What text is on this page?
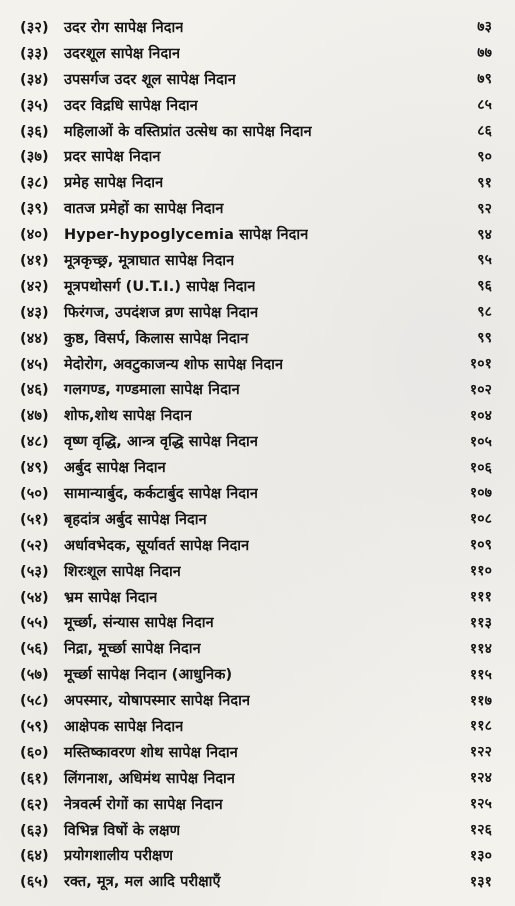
(३२)	उदर रोग सापेक्ष निदान	७३
(३३)	उदरशूल सापेक्ष निदान	७७
(३४)	उपसर्गज उदर शूल सापेक्ष निदान	७९
(३५)	उदर विद्रधि सापेक्ष निदान	८५
(३६)	महिलाओं के वस्तिप्रांत उत्सेध का सापेक्ष निदान	८६
(३७)	प्रदर सापेक्ष निदान	९०
(३८)	प्रमेह सापेक्ष निदान	९१
(३९)	वातज प्रमेहों का सापेक्ष निदान	९२
(४०)	Hyper-hypoglycemia सापेक्ष निदान	९४
(४१)	मूत्रकृच्छ्र, मूत्राघात सापेक्ष निदान	९५
(४२)	मूत्रपथोसर्ग (U.T.I.) सापेक्ष निदान	९६
(४३)	फिरंगज, उपदंशज व्रण सापेक्ष निदान	९८
(४४)	कुष्ठ, विसर्प, किलास सापेक्ष निदान	९९
(४५)	मेदोरोग, अवटुकाजन्य शोफ सापेक्ष निदान	१०१
(४६)	गलगण्ड, गण्डमाला सापेक्ष निदान	१०२
(४७)	शोफ,शोथ सापेक्ष निदान	१०४
(४८)	वृष्ण वृद्धि, आन्त्र वृद्धि सापेक्ष निदान	१०५
(४९)	अर्बुद सापेक्ष निदान	१०६
(५०)	सामान्यार्बुद, कर्कटार्बुद सापेक्ष निदान	१०७
(५१)	बृहदांत्र अर्बुद सापेक्ष निदान	१०८
(५२)	अर्धावभेदक, सूर्यावर्त सापेक्ष निदान	१०९
(५३)	शिरःशूल सापेक्ष निदान	११०
(५४)	भ्रम सापेक्ष निदान	१११
(५५)	मूर्च्छा, संन्यास सापेक्ष निदान	११३
(५६)	निद्रा, मूर्च्छा सापेक्ष निदान	११४
(५७)	मूर्च्छा सापेक्ष निदान (आधुनिक)	११५
(५८)	अपस्मार, योषापस्मार सापेक्ष निदान	११७
(५९)	आक्षेपक सापेक्ष निदान	११८
(६०)	मस्तिष्कावरण शोथ सापेक्ष निदान	१२२
(६१)	लिंगनाश, अधिमंथ सापेक्ष निदान	१२४
(६२)	नेत्रवर्त्म रोगों का सापेक्ष निदान	१२५
(६३)	विभिन्न विषों के लक्षण	१२६
(६४)	प्रयोगशालीय परीक्षण	१३०
(६५)	रक्त, मूत्र, मल आदि परीक्षाएँ	१३१
